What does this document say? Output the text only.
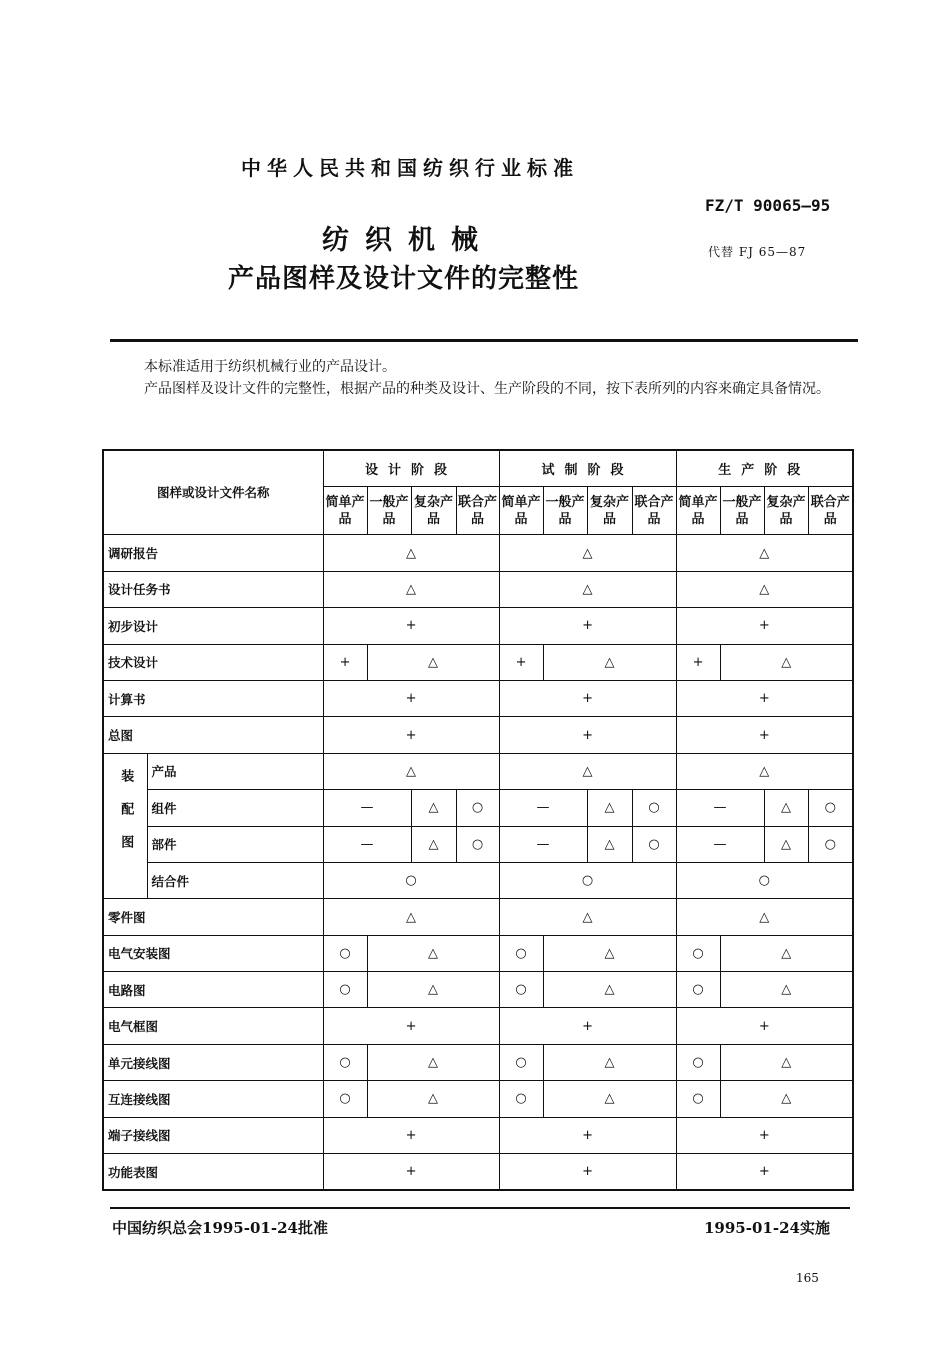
中华人民共和国纺织行业标准
FZ/T 90065—95
代替 FJ 65—87
纺织机械
产品图样及设计文件的完整性

本标准适用于纺织机械行业的产品设计。

产品图样及设计文件的完整性，根据产品的种类及设计、生产阶段的不同，按下表所列的内容来确定具备情况。

图样或设计文件名称		设计阶段				试制阶段				生产阶段			
		简单产品	一般产品	复杂产品	联合产品	简单产品	一般产品	复杂产品	联合产品	简单产品	一般产品	复杂产品	联合产品
调研报告		△				△				△			
设计任务书		△				△				△			
初步设计		+				+				+			
技术设计		+	△			+	△			+	△		
计算书		+				+				+			
总图		+				+				+			
装配图	产品	△				△				△			
	组件	—		△	○	—		△	○	—		△	○
	部件	—		△	○	—		△	○	—		△	○
	结合件	○				○				○			
零件图		△				△				△			
电气安装图		○	△			○	△			○	△		
电路图		○	△			○	△			○	△		
电气框图		+				+				+			
单元接线图		○	△			○	△			○	△		
互连接线图		○	△			○	△			○	△		
端子接线图		+				+				+			
功能表图		+				+				+			
中国纺织总会1995-01-24批准	1995-01-24实施
165
